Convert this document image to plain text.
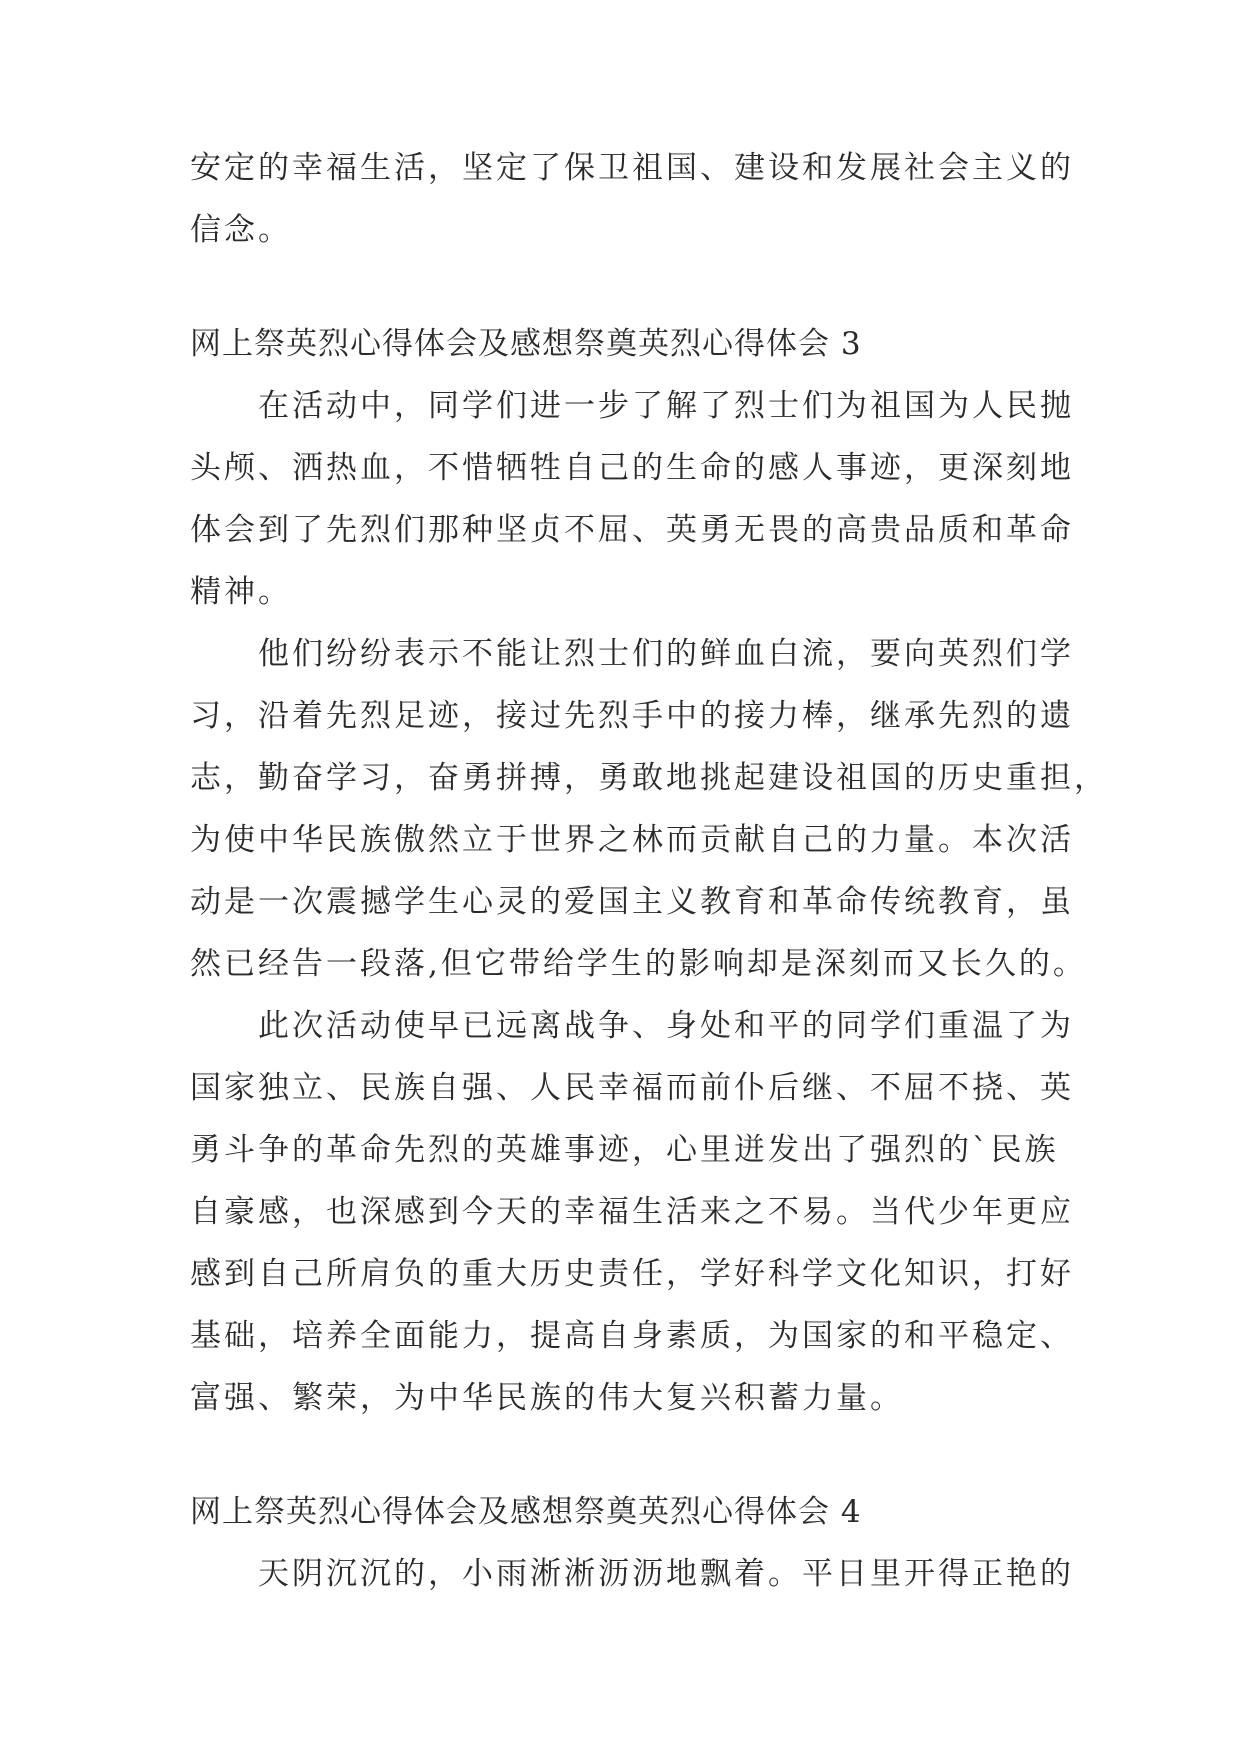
安定的幸福生活，坚定了保卫祖国、建设和发展社会主义的
信念。
网上祭英烈心得体会及感想祭奠英烈心得体会 3
在活动中，同学们进一步了解了烈士们为祖国为人民抛
头颅、洒热血，不惜牺牲自己的生命的感人事迹，更深刻地
体会到了先烈们那种坚贞不屈、英勇无畏的高贵品质和革命
精神。
他们纷纷表示不能让烈士们的鲜血白流，要向英烈们学
习，沿着先烈足迹，接过先烈手中的接力棒，继承先烈的遗
志，勤奋学习，奋勇拼搏，勇敢地挑起建设祖国的历史重担，
为使中华民族傲然立于世界之林而贡献自己的力量。本次活
动是一次震撼学生心灵的爱国主义教育和革命传统教育，虽
然已经告一段落,但它带给学生的影响却是深刻而又长久的。
此次活动使早已远离战争、身处和平的同学们重温了为
国家独立、民族自强、人民幸福而前仆后继、不屈不挠、英
勇斗争的革命先烈的英雄事迹，心里迸发出了强烈的`民族
自豪感，也深感到今天的幸福生活来之不易。当代少年更应
感到自己所肩负的重大历史责任，学好科学文化知识，打好
基础，培养全面能力，提高自身素质，为国家的和平稳定、
富强、繁荣，为中华民族的伟大复兴积蓄力量。
网上祭英烈心得体会及感想祭奠英烈心得体会 4
天阴沉沉的，小雨淅淅沥沥地飘着。平日里开得正艳的
